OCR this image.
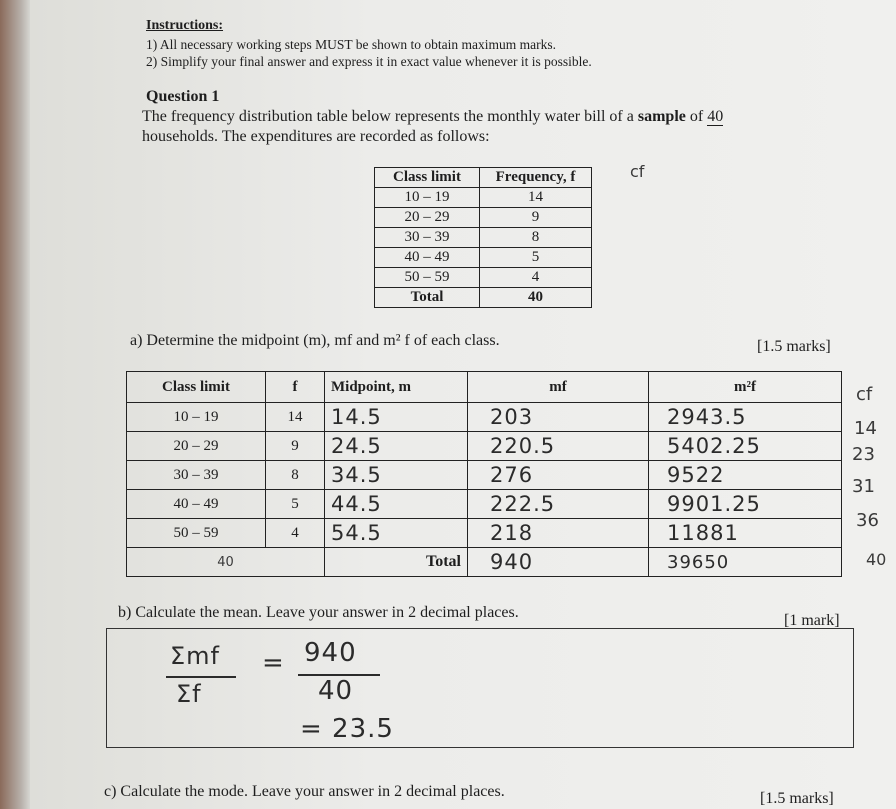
Instructions:
1) All necessary working steps MUST be shown to obtain maximum marks.
2) Simplify your final answer and express it in exact value whenever it is possible.
Question 1
The frequency distribution table below represents the monthly water bill of a sample of 40
households. The expenditures are recorded as follows:
cf
Class limit	Frequency, f
10 – 19	14
20 – 29	9
30 – 39	8
40 – 49	5
50 – 59	4
Total	40
a) Determine the midpoint (m), mf and m² f of each class.	[1.5 marks]
Class limit	f	Midpoint, m	mf	m²f
10 – 19	14	14.5	203	2943.5
20 – 29	9	24.5	220.5	5402.25
30 – 39	8	34.5	276	9522
40 – 49	5	44.5	222.5	9901.25
50 – 59	4	54.5	218	11881
40		Total	940	39650
cf
14
23
31
36
40
b) Calculate the mean. Leave your answer in 2 decimal places.	[1 mark]
Σmf
Σf
= 940
40
= 23.5
c) Calculate the mode. Leave your answer in 2 decimal places.	[1.5 marks]
